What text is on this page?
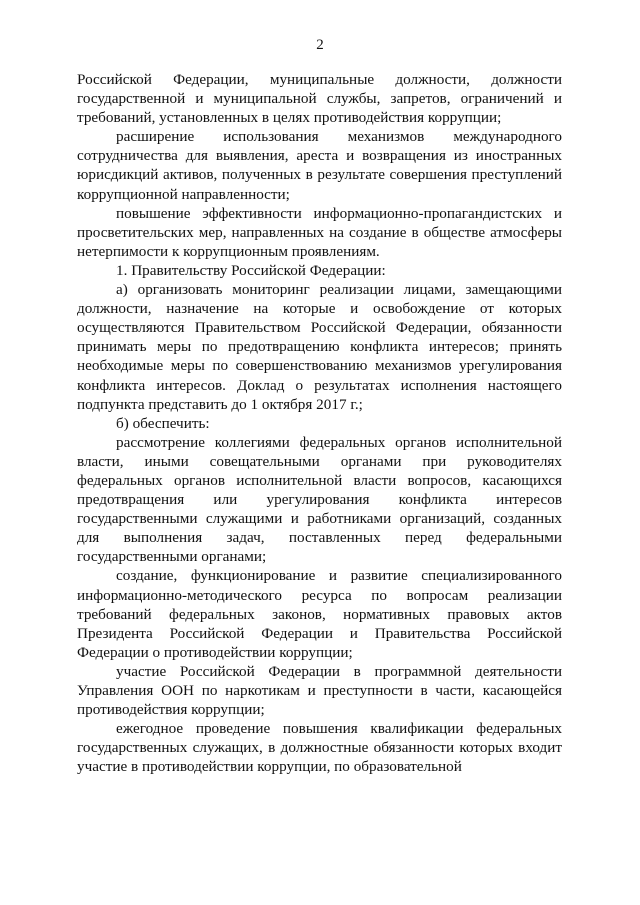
2

Российской Федерации, муниципальные должности, должности государственной и муниципальной службы, запретов, ограничений и требований, установленных в целях противодействия коррупции;

расширение использования механизмов международного сотрудничества для выявления, ареста и возвращения из иностранных юрисдикций активов, полученных в результате совершения преступлений коррупционной направленности;

повышение эффективности информационно-пропагандистских и просветительских мер, направленных на создание в обществе атмосферы нетерпимости к коррупционным проявлениям.

1. Правительству Российской Федерации:

а) организовать мониторинг реализации лицами, замещающими должности, назначение на которые и освобождение от которых осуществляются Правительством Российской Федерации, обязанности принимать меры по предотвращению конфликта интересов; принять необходимые меры по совершенствованию механизмов урегулирования конфликта интересов. Доклад о результатах исполнения настоящего подпункта представить до 1 октября 2017 г.;

б) обеспечить:

рассмотрение коллегиями федеральных органов исполнительной власти, иными совещательными органами при руководителях федеральных органов исполнительной власти вопросов, касающихся предотвращения или урегулирования конфликта интересов государственными служащими и работниками организаций, созданных для выполнения задач, поставленных перед федеральными государственными органами;

создание, функционирование и развитие специализированного информационно-методического ресурса по вопросам реализации требований федеральных законов, нормативных правовых актов Президента Российской Федерации и Правительства Российской Федерации о противодействии коррупции;

участие Российской Федерации в программной деятельности Управления ООН по наркотикам и преступности в части, касающейся противодействия коррупции;

ежегодное проведение повышения квалификации федеральных государственных служащих, в должностные обязанности которых входит участие в противодействии коррупции, по образовательной
